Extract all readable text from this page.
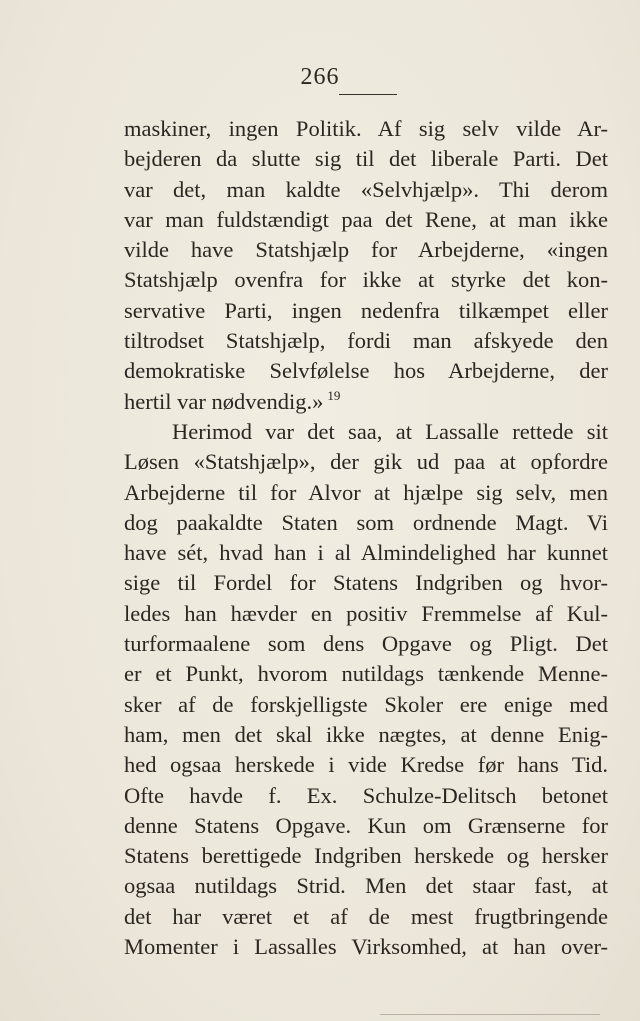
266
maskiner, ingen Politik. Af sig selv vilde Ar-
bejderen da slutte sig til det liberale Parti. Det
var det, man kaldte «Selvhjælp». Thi derom
var man fuldstændigt paa det Rene, at man ikke
vilde have Statshjælp for Arbejderne, «ingen
Statshjælp ovenfra for ikke at styrke det kon-
servative Parti, ingen nedenfra tilkæmpet eller
tiltrodset Statshjælp, fordi man afskyede den
demokratiske Selvfølelse hos Arbejderne, der
hertil var nødvendig.» $^{19}$
Herimod var det saa, at Lassalle rettede sit
Løsen «Statshjælp», der gik ud paa at opfordre
Arbejderne til for Alvor at hjælpe sig selv, men
dog paakaldte Staten som ordnende Magt. Vi
have sét, hvad han i al Almindelighed har kunnet
sige til Fordel for Statens Indgriben og hvor-
ledes han hævder en positiv Fremmelse af Kul-
turformaalene som dens Opgave og Pligt. Det
er et Punkt, hvorom nutildags tænkende Menne-
sker af de forskjelligste Skoler ere enige med
ham, men det skal ikke nægtes, at denne Enig-
hed ogsaa herskede i vide Kredse før hans Tid.
Ofte havde f. Ex. Schulze-Delitsch betonet
denne Statens Opgave. Kun om Grænserne for
Statens berettigede Indgriben herskede og hersker
ogsaa nutildags Strid. Men det staar fast, at
det har været et af de mest frugtbringende
Momenter i Lassalles Virksomhed, at han over-
